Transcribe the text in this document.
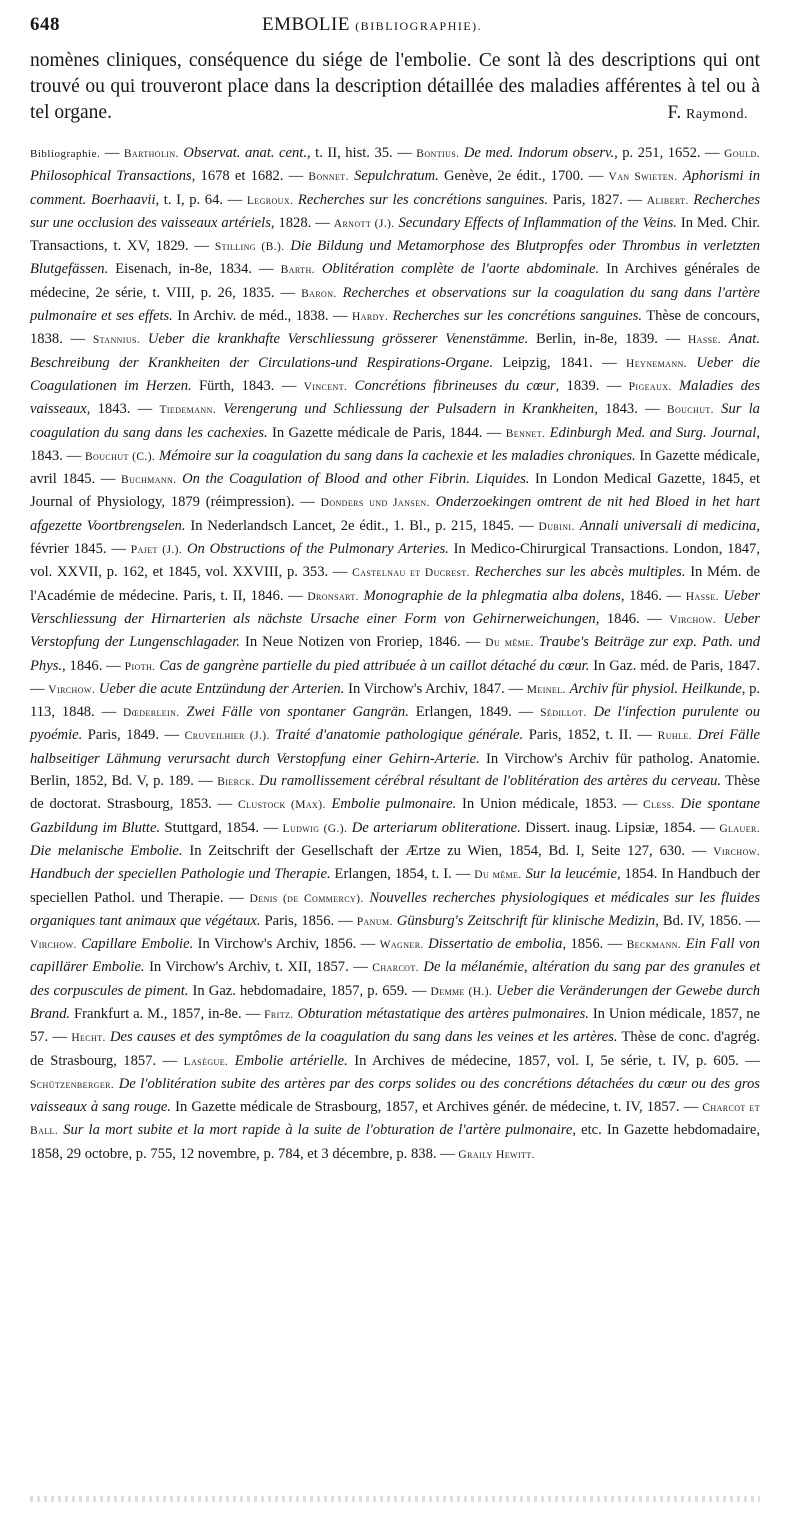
648	EMBOLIE (BIBLIOGRAPHIE).

nomènes cliniques, conséquence du siége de l'embolie. Ce sont là des descriptions qui ont trouvé ou qui trouveront place dans la description détaillée des maladies afférentes à tel ou à tel organe.	F. Raymond.
Bibliographie. — Bartholin. Observat. anat. cent., t. II, hist. 35. — Bontius. De med. Indorum observ., p. 251, 1652. — Gould. Philosophical Transactions, 1678 et 1682. — Bonnet. Sepulchratum. Genève, 2e édit., 1700. — Van Swieten. Aphorismi in comment. Boerhaavii, t. I, p. 64. — Legroux. Recherches sur les concrétions sanguines. Paris, 1827. — Alibert. Recherches sur une occlusion des vaisseaux artériels, 1828. — Arnott (J.). Secundary Effects of Inflammation of the Veins. In Med. Chir. Transactions, t. XV, 1829. — Stilling (B.). Die Bildung und Metamorphose des Blutpropfes oder Thrombus in verletzten Blutgefässen. Eisenach, in-8e, 1834. — Barth. Oblitération complète de l'aorte abdominale. In Archives générales de médecine, 2e série, t. VIII, p. 26, 1835. — Baron. Recherches et observations sur la coagulation du sang dans l'artère pulmonaire et ses effets. In Archiv. de méd., 1838. — Hardy. Recherches sur les concrétions sanguines. Thèse de concours, 1838. — Stannius. Ueber die krankhafte Verschliessung grösserer Venenstämme. Berlin, in-8e, 1839. — Hasse. Anat. Beschreibung der Krankheiten der Circulations-und Respirations-Organe. Leipzig, 1841. — Heynemann. Ueber die Coagulationen im Herzen. Fürth, 1843. — Vincent. Concrétions fibrineuses du cœur, 1839. — Pigeaux. Maladies des vaisseaux, 1843. — Tiedemann. Verengerung und Schliessung der Pulsadern in Krankheiten, 1843. — Bouchut. Sur la coagulation du sang dans les cachexies. In Gazette médicale de Paris, 1844. — Bennet. Edinburgh Med. and Surg. Journal, 1843. — Bouchut (C.). Mémoire sur la coagulation du sang dans la cachexie et les maladies chroniques. In Gazette médicale, avril 1845. — Buchmann. On the Coagulation of Blood and other Fibrin. Liquides. In London Medical Gazette, 1845, et Journal of Physiology, 1879 (réimpression). — Donders und Jansen. Onderzoekingen omtrent de nit hed Bloed in het hart afgezette Voortbrengselen. In Nederlandsch Lancet, 2e édit., 1. Bl., p. 215, 1845. — Dubini. Annali universali di medicina, février 1845. — Pajet (J.). On Obstructions of the Pulmonary Arteries. In Medico-Chirurgical Transactions. London, 1847, vol. XXVII, p. 162, et 1845, vol. XXVIII, p. 353. — Castelnau et Ducrest. Recherches sur les abcès multiples. In Mém. de l'Académie de médecine. Paris, t. II, 1846. — Dronsart. Monographie de la phlegmatia alba dolens, 1846. — Hasse. Ueber Verschliessung der Hirnarterien als nächste Ursache einer Form von Gehirnerweichungen, 1846. — Virchow. Ueber Verstopfung der Lungenschlagader. In Neue Notizen von Froriep, 1846. — Du même. Traube's Beiträge zur exp. Path. und Phys., 1846. — Pioth. Cas de gangrène partielle du pied attribuée à un caillot détaché du cœur. In Gaz. méd. de Paris, 1847. — Virchow. Ueber die acute Entzündung der Arterien. In Virchow's Archiv, 1847. — Meinel. Archiv für physiol. Heilkunde, p. 113, 1848. — Dœderlein. Zwei Fälle von spontaner Gangrän. Erlangen, 1849. — Sédillot. De l'infection purulente ou pyoémie. Paris, 1849. — Cruveilhier (J.). Traité d'anatomie pathologique générale. Paris, 1852, t. II. — Ruhle. Drei Fälle halbseitiger Lähmung verursacht durch Verstopfung einer Gehirn-Arterie. In Virchow's Archiv für patholog. Anatomie. Berlin, 1852, Bd. V, p. 189. — Bierck. Du ramollissement cérébral résultant de l'oblitération des artères du cerveau. Thèse de doctorat. Strasbourg, 1853. — Clustock (Max). Embolie pulmonaire. In Union médicale, 1853. — Cless. Die spontane Gazbildung im Blutte. Stuttgard, 1854. — Ludwig (G.). De arteriarum obliteratione. Dissert. inaug. Lipsiæ, 1854. — Glauer. Die melanische Embolie. In Zeitschrift der Gesellschaft der Ærtze zu Wien, 1854, Bd. I, Seite 127, 630. — Virchow. Handbuch der speciellen Pathologie und Therapie. Erlangen, 1854, t. I. — Du même. Sur la leucémie, 1854. In Handbuch der speciellen Pathol. und Therapie. — Denis (de Commercy). Nouvelles recherches physiologiques et médicales sur les fluides organiques tant animaux que végétaux. Paris, 1856. — Panum. Günsburg's Zeitschrift für klinische Medizin, Bd. IV, 1856. — Virchow. Capillare Embolie. In Virchow's Archiv, 1856. — Wagner. Dissertatio de embolia, 1856. — Beckmann. Ein Fall von capillärer Embolie. In Virchow's Archiv, t. XII, 1857. — Charcot. De la mélanémie, altération du sang par des granules et des corpuscules de piment. In Gaz. hebdomadaire, 1857, p. 659. — Demme (H.). Ueber die Veränderungen der Gewebe durch Brand. Frankfurt a. M., 1857, in-8e. — Fritz. Obturation métastatique des artères pulmonaires. In Union médicale, 1857, ne 57. — Hecht. Des causes et des symptômes de la coagulation du sang dans les veines et les artères. Thèse de conc. d'agrég. de Strasbourg, 1857. — Lasègue. Embolie artérielle. In Archives de médecine, 1857, vol. I, 5e série, t. IV, p. 605. — Schützenberger. De l'oblitération subite des artères par des corps solides ou des concrétions détachées du cœur ou des gros vaisseaux à sang rouge. In Gazette médicale de Strasbourg, 1857, et Archives génér. de médecine, t. IV, 1857. — Charcot et Ball. Sur la mort subite et la mort rapide à la suite de l'obturation de l'artère pulmonaire, etc. In Gazette hebdomadaire, 1858, 29 octobre, p. 755, 12 novembre, p. 784, et 3 décembre, p. 838. — Graily Hewitt.
